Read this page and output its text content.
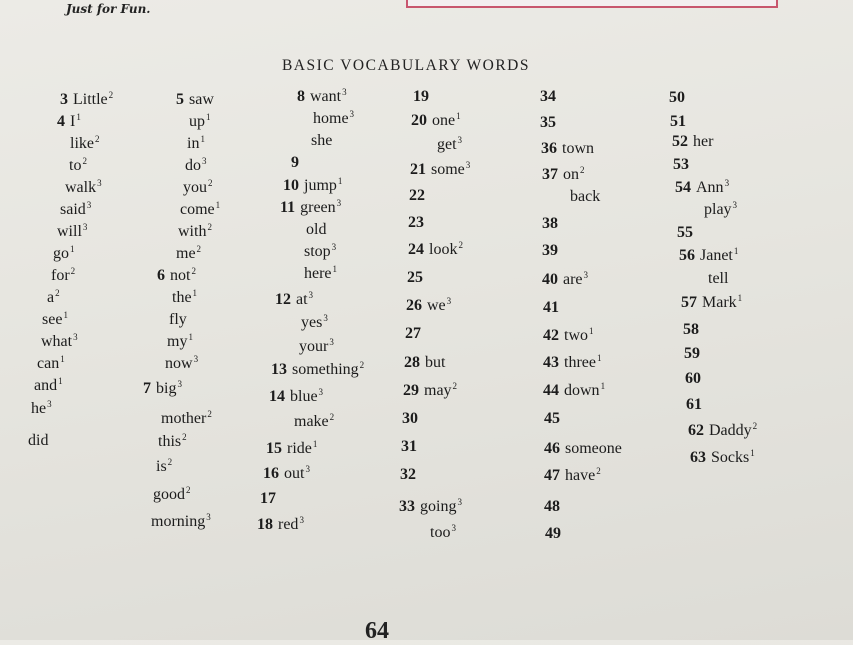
Just for Fun.
BASIC VOCABULARY WORDS
3 Little$^2$
4 $I^1$
like$^2$
$to^2$
walk$^3$
said$^3$
will$^3$
$go^1$
for$^2$
$a^2$
see$^1$
what$^3$
can$^1$
and$^1$
$he^3$
did
5 saw
$up^1$
$in^1$
$do^3$
you$^2$
come$^1$
with$^2$
$me^2$
6 not$^2$
the$^1$
fly
$my^1$
now$^3$
7 big$^3$
mother$^2$
this$^2$
$is^2$
good$^2$
morning$^3$
8 want$^3$
home$^3$
she
9
10 jump$^1$
11 green$^3$
old
stop$^3$
here$^1$
12 $at^3$
yes$^3$
your$^3$
13 something$^2$
14 blue$^3$
make$^2$
15 ride$^1$
16 out$^3$
17
18 red$^3$
19
20 one$^1$
get$^3$
21 some$^3$
22
23
24 look$^2$
25
26 $we^3$
27
28 but
29 may$^2$
30
31
32
33 going$^3$
too$^3$
34
35
36 town
37 $on^2$
back
38
39
40 are$^3$
41
42 two$^1$
43 three$^1$
44 down$^1$
45
46 someone
47 have$^2$
48
49
50
51
52 her
53
54 Ann$^3$
play$^3$
55
56 Janet$^1$
tell
57 Mark$^1$
58
59
60
61
62 Daddy$^2$
63 Socks$^1$
64
